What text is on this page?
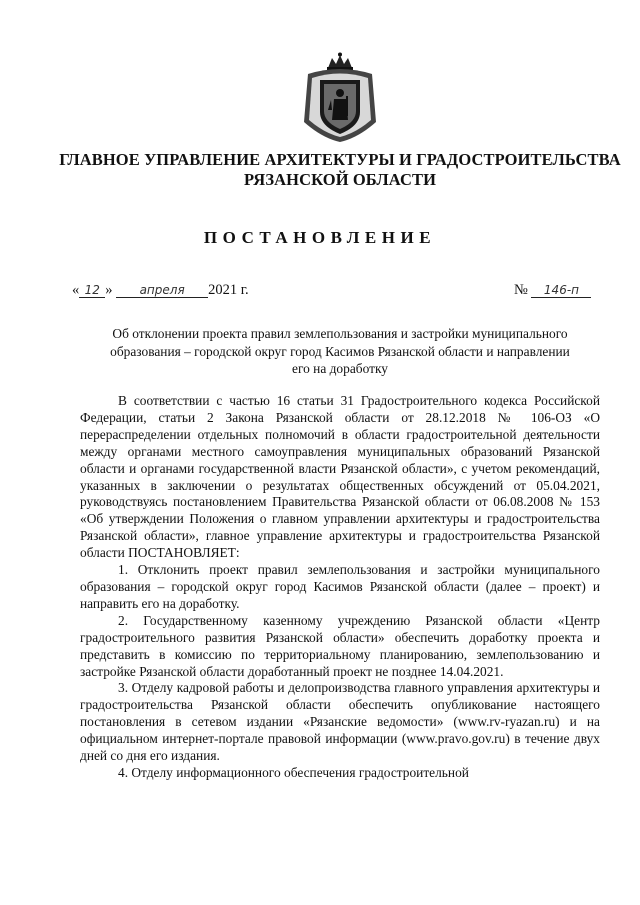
ГЛАВНОЕ УПРАВЛЕНИЕ АРХИТЕКТУРЫ И ГРАДОСТРОИТЕЛЬСТВА
РЯЗАНСКОЙ ОБЛАСТИ
ПОСТАНОВЛЕНИЕ
« 12 » апреля 2021 г.	№ 146-п
Об отклонении проекта правил землепользования и застройки муниципального
образования – городской округ город Касимов Рязанской области и направлении
его на доработку

В соответствии с частью 16 статьи 31 Градостроительного кодекса Российской Федерации, статьи 2 Закона Рязанской области от 28.12.2018 № 106-ОЗ «О перераспределении отдельных полномочий в области градостроительной деятельности между органами местного самоуправления муниципальных образований Рязанской области и органами государственной власти Рязанской области», с учетом рекомендаций, указанных в заключении о результатах общественных обсуждений от 05.04.2021, руководствуясь постановлением Правительства Рязанской области от 06.08.2008 № 153 «Об утверждении Положения о главном управлении архитектуры и градостроительства Рязанской области», главное управление архитектуры и градостроительства Рязанской области ПОСТАНОВЛЯЕТ:

1. Отклонить проект правил землепользования и застройки муниципального образования – городской округ город Касимов Рязанской области (далее – проект) и направить его на доработку.

2. Государственному казенному учреждению Рязанской области «Центр градостроительного развития Рязанской области» обеспечить доработку проекта и представить в комиссию по территориальному планированию, землепользованию и застройке Рязанской области доработанный проект не позднее 14.04.2021.

3. Отделу кадровой работы и делопроизводства главного управления архитектуры и градостроительства Рязанской области обеспечить опубликование настоящего постановления в сетевом издании «Рязанские ведомости» (www.rv-ryazan.ru) и на официальном интернет-портале правовой информации (www.pravo.gov.ru) в течение двух дней со дня его издания.

4. Отделу информационного обеспечения градостроительной
